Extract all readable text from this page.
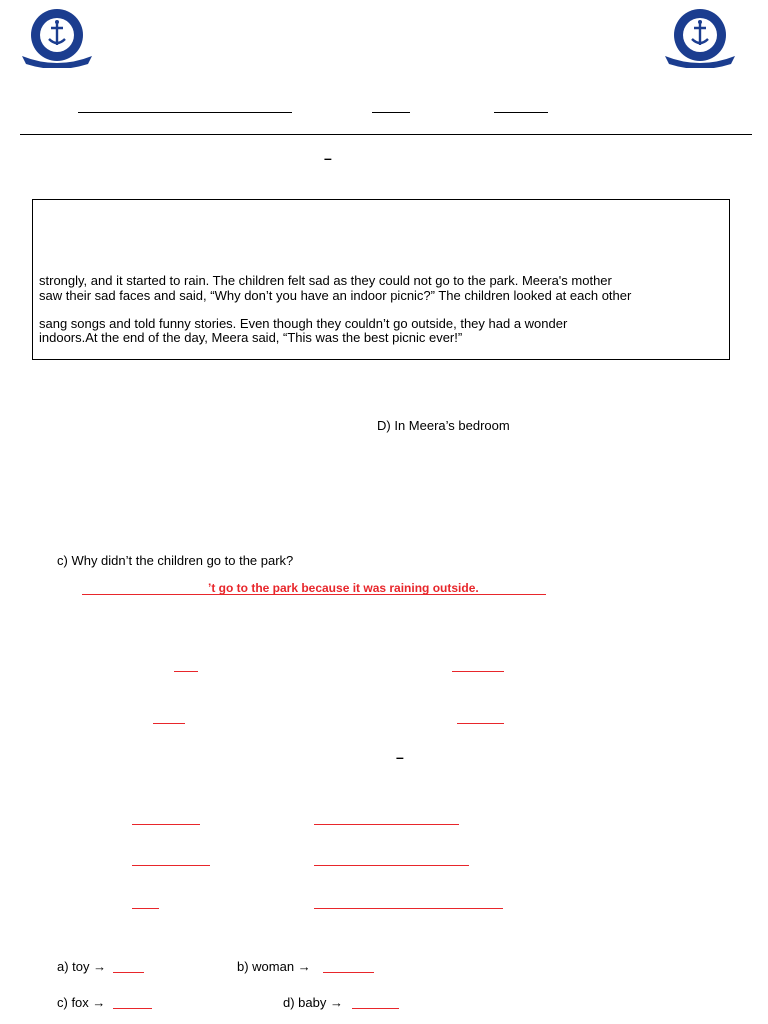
–
strongly, and it started to rain. The children felt sad as they could not go to the park. Meera's mother
saw their sad faces and said, “Why don’t you have an indoor picnic?” The children looked at each other
sang songs and told funny stories. Even though they couldn’t go outside, they had a wonder
indoors.At the end of the day, Meera said, “This was the best picnic ever!”
D) In Meera’s bedroom
c) Why didn’t the children go to the park?
’t go to the park because it was raining outside.
–
a) toy →	b) woman →
c) fox →	d) baby →
